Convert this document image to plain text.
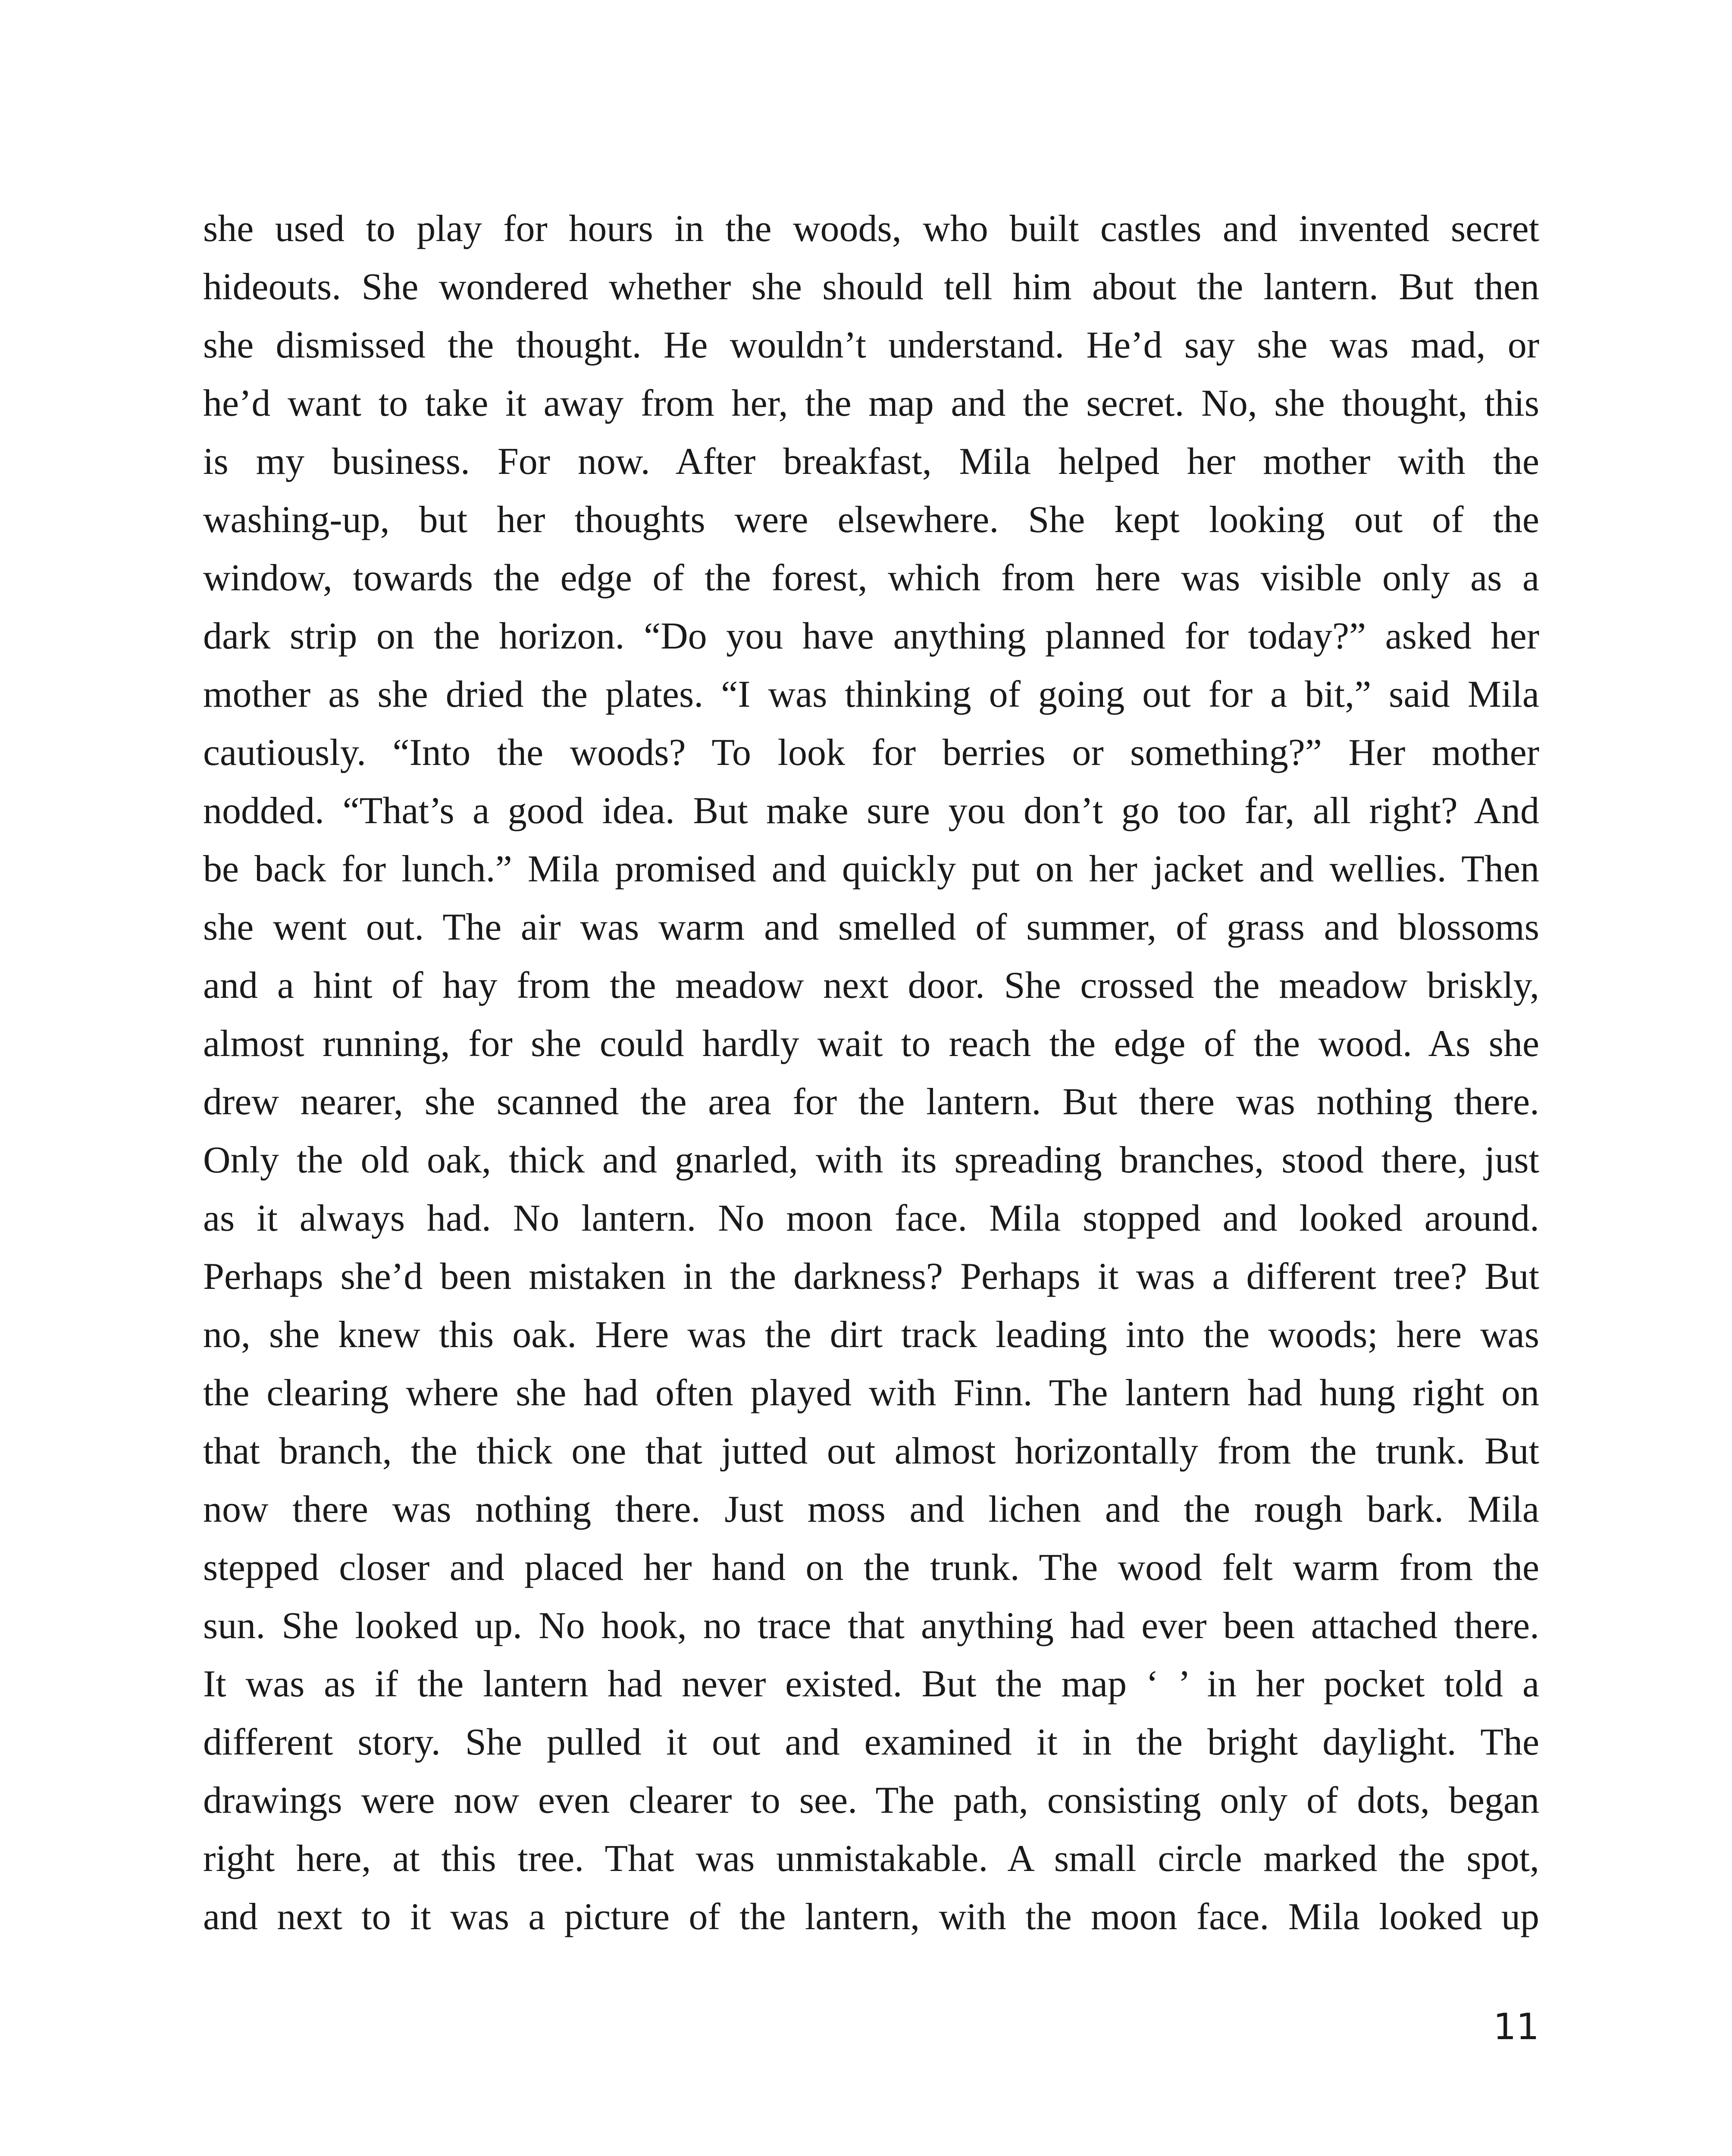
she used to play for hours in the woods, who built castles and invented secret
hideouts. She wondered whether she should tell him about the lantern. But then
she dismissed the thought. He wouldn’t understand. He’d say she was mad, or
he’d want to take it away from her, the map and the secret. No, she thought, this
is my business. For now. After breakfast, Mila helped her mother with the
washing-up, but her thoughts were elsewhere. She kept looking out of the
window, towards the edge of the forest, which from here was visible only as a
dark strip on the horizon. “Do you have anything planned for today?” asked her
mother as she dried the plates. “I was thinking of going out for a bit,” said Mila
cautiously. “Into the woods? To look for berries or something?” Her mother
nodded. “That’s a good idea. But make sure you don’t go too far, all right? And
be back for lunch.” Mila promised and quickly put on her jacket and wellies. Then
she went out. The air was warm and smelled of summer, of grass and blossoms
and a hint of hay from the meadow next door. She crossed the meadow briskly,
almost running, for she could hardly wait to reach the edge of the wood. As she
drew nearer, she scanned the area for the lantern. But there was nothing there.
Only the old oak, thick and gnarled, with its spreading branches, stood there, just
as it always had. No lantern. No moon face. Mila stopped and looked around.
Perhaps she’d been mistaken in the darkness? Perhaps it was a different tree? But
no, she knew this oak. Here was the dirt track leading into the woods; here was
the clearing where she had often played with Finn. The lantern had hung right on
that branch, the thick one that jutted out almost horizontally from the trunk. But
now there was nothing there. Just moss and lichen and the rough bark. Mila
stepped closer and placed her hand on the trunk. The wood felt warm from the
sun. She looked up. No hook, no trace that anything had ever been attached there.
It was as if the lantern had never existed. But the map ‘ ’ in her pocket told a
different story. She pulled it out and examined it in the bright daylight. The
drawings were now even clearer to see. The path, consisting only of dots, began
right here, at this tree. That was unmistakable. A small circle marked the spot,
and next to it was a picture of the lantern, with the moon face. Mila looked up
11
